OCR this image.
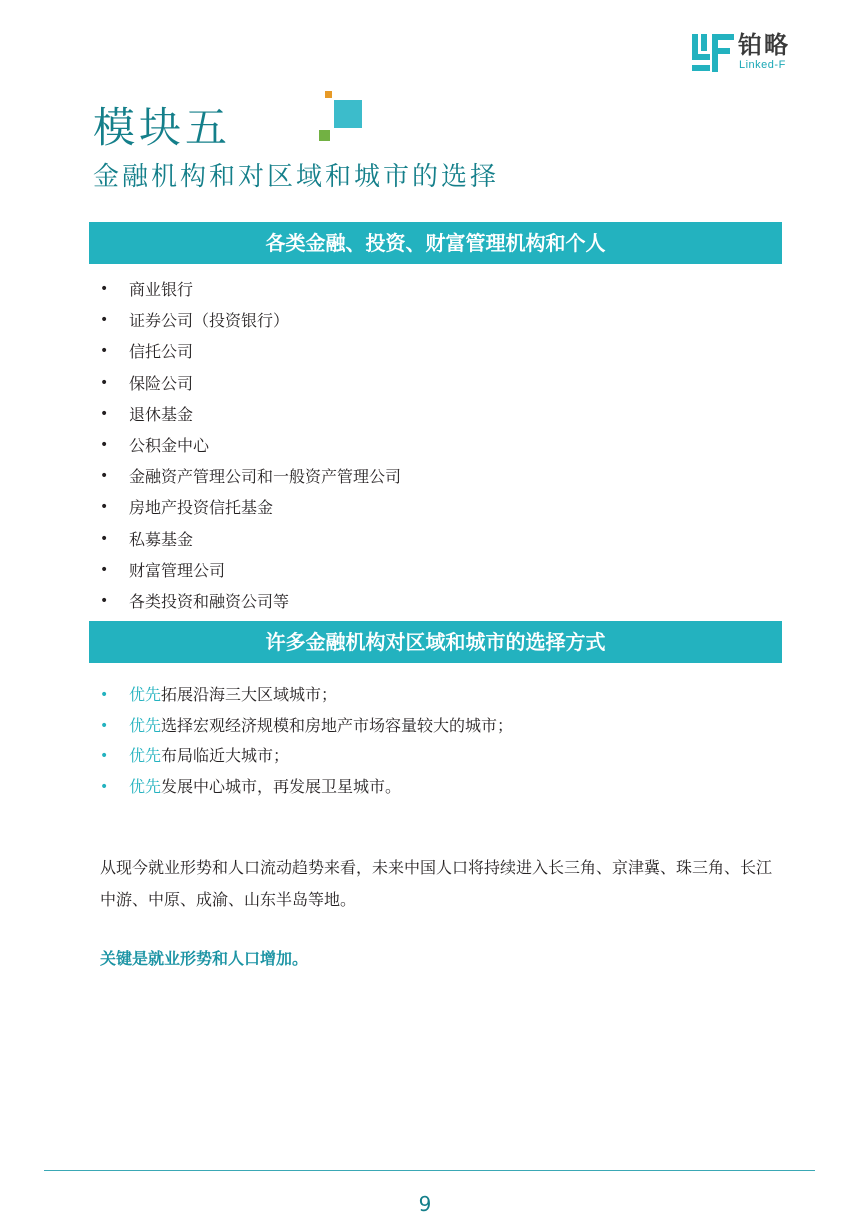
铂略
Linked-F
模块五
金融机构和对区域和城市的选择
各类金融、投资、财富管理机构和个人
• 商业银行
• 证券公司（投资银行）
• 信托公司
• 保险公司
• 退休基金
• 公积金中心
• 金融资产管理公司和一般资产管理公司
• 房地产投资信托基金
• 私募基金
• 财富管理公司
• 各类投资和融资公司等
许多金融机构对区域和城市的选择方式
• 优先拓展沿海三大区域城市；
• 优先选择宏观经济规模和房地产市场容量较大的城市；
• 优先布局临近大城市；
• 优先发展中心城市，再发展卫星城市。

从现今就业形势和人口流动趋势来看，未来中国人口将持续进入长三角、京津冀、珠三角、长江中游、中原、成渝、山东半岛等地。

关键是就业形势和人口增加。

9
